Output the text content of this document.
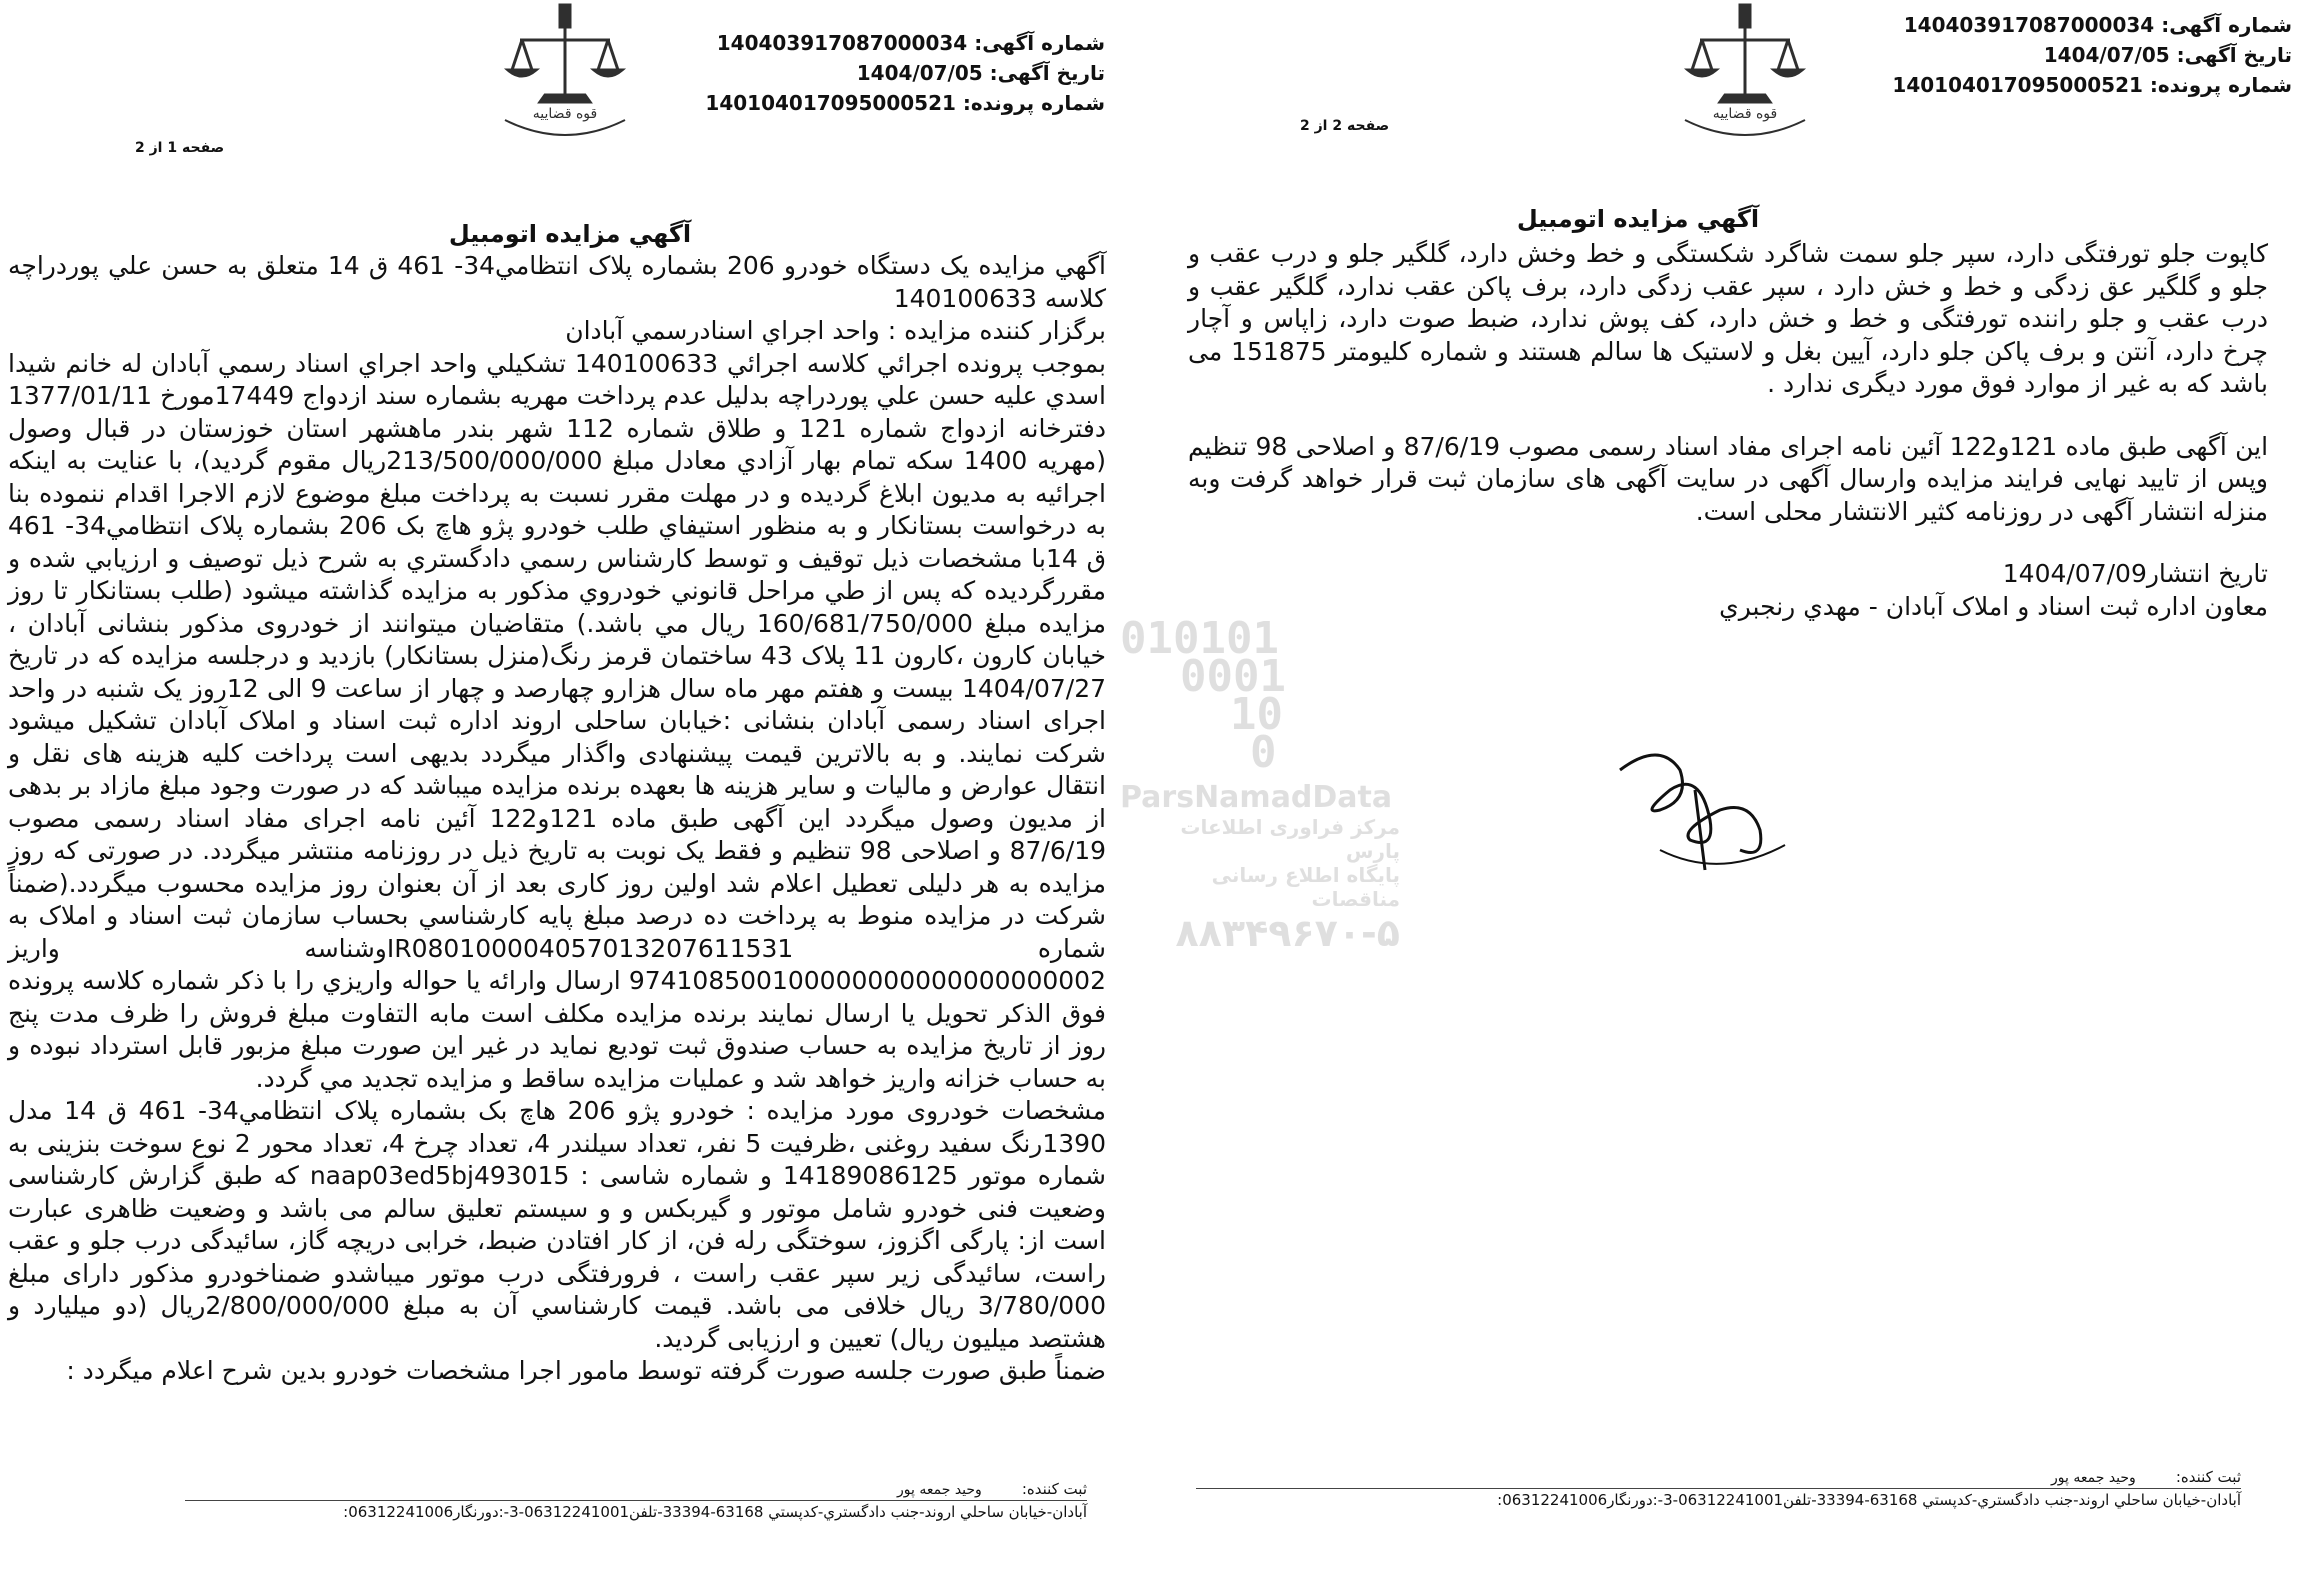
قوه قضاییه
شماره آگهی: 140403917087000034
تاریخ آگهی: 1404/07/05
شماره پرونده: 140104017095000521
صفحه 2 از 2
آگهي مزايده اتومبيل

کاپوت جلو تورفتگی دارد، سپر جلو سمت شاگرد شکستگی و خط وخش دارد، گلگیر جلو و درب عقب و جلو و گلگیر عق زدگی و خط و خش دارد ، سپر عقب زدگی دارد، برف پاکن عقب ندارد، گلگیر عقب و درب عقب و جلو راننده تورفتگی و خط و خش دارد، کف پوش ندارد، ضبط صوت دارد، زاپاس و آچار چرخ دارد، آنتن و برف پاکن جلو دارد، آیین بغل و لاستیک ها سالم هستند و شماره کلیومتر 151875 می باشد که به غیر از موارد فوق مورد دیگری ندارد .

این آگهی طبق ماده 121و122 آئین نامه اجرای مفاد اسناد رسمی مصوب 87/6/19 و اصلاحی 98 تنظیم وپس از تایید نهایی فرایند مزایده وارسال آگهی در سایت آگهی های سازمان ثبت قرار خواهد گرفت وبه منزله انتشار آگهی در روزنامه کثیر الانتشار محلی است.

تاريخ انتشار1404/07/09

معاون اداره ثبت اسناد و املاک آبادان - مهدي رنجبري

ثبت کننده:وحيد جمعه پور
آبادان-خيابان ساحلي اروند-جنب دادگستري-کدپستي 63168-33394-تلفن06312241001-3-:دورنگار06312241006:
010101
0001
10
0
ParsNamadData
مرکز فراوری اطلاعات پارس
پایگاه اطلاع رسانی مناقصات
۸۸۳۴۹۶۷۰-۵
قوه قضاییه
شماره آگهی: 140403917087000034
تاریخ آگهی: 1404/07/05
شماره پرونده: 140104017095000521
صفحه 1 از 2
آگهي مزايده اتومبيل

آگهي مزايده يک دستگاه خودرو 206 بشماره پلاک انتظامي34- 461 ق 14 متعلق به حسن علي پوردراچه کلاسه 140100633

برگزار کننده مزايده : واحد اجراي اسنادرسمي آبادان

بموجب پرونده اجرائي کلاسه اجرائي 140100633 تشکيلي واحد اجراي اسناد رسمي آبادان له خانم شيدا اسدي عليه حسن علي پوردراچه بدليل عدم پرداخت مهريه بشماره سند ازدواج 17449مورخ 1377/01/11 دفترخانه ازدواج شماره 121 و طلاق شماره 112 شهر بندر ماهشهر استان خوزستان در قبال وصول (مهريه 1400 سکه تمام بهار آزادي معادل مبلغ 213/500/000/000ريال مقوم گرديد)، با عنايت به اينکه اجرائيه به مديون ابلاغ گرديده و در مهلت مقرر نسبت به پرداخت مبلغ موضوع لازم الاجرا اقدام ننموده بنا به درخواست بستانکار و به منظور استيفاي طلب خودرو پژو هاچ بک 206 بشماره پلاک انتظامي34- 461 ق 14با مشخصات ذيل توقيف و توسط کارشناس رسمي دادگستري به شرح ذيل توصيف و ارزيابي شده و مقررگرديده که پس از طي مراحل قانوني خودروي مذکور به مزايده گذاشته ميشود (طلب بستانکار تا روز مزايده مبلغ 160/681/750/000 ريال مي باشد.) متقاضيان ميتوانند از خودروی مذکور بنشانی آبادان ، خيابان کارون ،کارون 11 پلاک 43 ساختمان قرمز رنگ(منزل بستانکار) بازديد و درجلسه مزايده که در تاريخ 1404/07/27 بيست و هفتم مهر ماه سال هزارو چهارصد و چهار از ساعت 9 الی 12روز يک شنبه در واحد اجرای اسناد رسمی آبادان بنشانی :خيابان ساحلی اروند اداره ثبت اسناد و املاک آبادان تشکيل ميشود شرکت نمايند. و به بالاترين قيمت پيشنهادی واگذار ميگردد بديهی است پرداخت کليه هزينه های نقل و انتقال عوارض و ماليات و ساير هزينه ها بعهده برنده مزايده ميباشد که در صورت وجود مبلغ مازاد بر بدهی از مديون وصول ميگردد اين آگهی طبق ماده 121و122 آئين نامه اجرای مفاد اسناد رسمی مصوب 87/6/19 و اصلاحی 98 تنظيم و فقط يک نوبت به تاريخ ذيل در روزنامه منتشر ميگردد. در صورتی که روز مزايده به هر دليلی تعطيل اعلام شد اولين روز کاری بعد از آن بعنوان روز مزايده محسوب ميگردد.(ضمناً شرکت در مزايده منوط به پرداخت ده درصد مبلغ پايه کارشناسي بحساب سازمان ثبت اسناد و املاک به شماره IR080100004057013207611531وشناسه واريز 974108500100000000000000000002 ارسال وارائه يا حواله واريزي را با ذکر شماره کلاسه پرونده فوق الذکر تحويل يا ارسال نمايند برنده مزايده مکلف است مابه التفاوت مبلغ فروش را ظرف مدت پنج روز از تاريخ مزايده به حساب صندوق ثبت توديع نمايد در غير اين صورت مبلغ مزبور قابل استرداد نبوده و به حساب خزانه واريز خواهد شد و عمليات مزايده ساقط و مزايده تجديد مي گردد.

مشخصات خودروی مورد مزايده : خودرو پژو 206 هاچ بک بشماره پلاک انتظامي34- 461 ق 14 مدل 1390رنگ سفيد روغنی ،ظرفيت 5 نفر، تعداد سيلندر 4، تعداد چرخ 4، تعداد محور 2 نوع سوخت بنزينی به شماره موتور 14189086125 و شماره شاسی : naap03ed5bj493015 که طبق گزارش کارشناسی وضعيت فنی خودرو شامل موتور و گيربکس و و سيستم تعليق سالم می باشد و وضعيت ظاهری عبارت است از: پارگی اگزوز، سوختگی رله فن، از کار افتادن ضبط، خرابی دريچه گاز، سائيدگی درب جلو و عقب راست، سائيدگی زير سپر عقب راست ، فرورفتگی درب موتور ميباشدو ضمناخودرو مذکور دارای مبلغ 3/780/000 ريال خلافی می باشد. قيمت کارشناسي آن به مبلغ 2/800/000/000ريال (دو ميليارد و هشتصد ميليون ريال) تعيين و ارزيابی گرديد.

ضمناً طبق صورت جلسه صورت گرفته توسط مامور اجرا مشخصات خودرو بدين شرح اعلام ميگردد :

ثبت کننده:وحيد جمعه پور
آبادان-خيابان ساحلي اروند-جنب دادگستري-کدپستي 63168-33394-تلفن06312241001-3-:دورنگار06312241006:
